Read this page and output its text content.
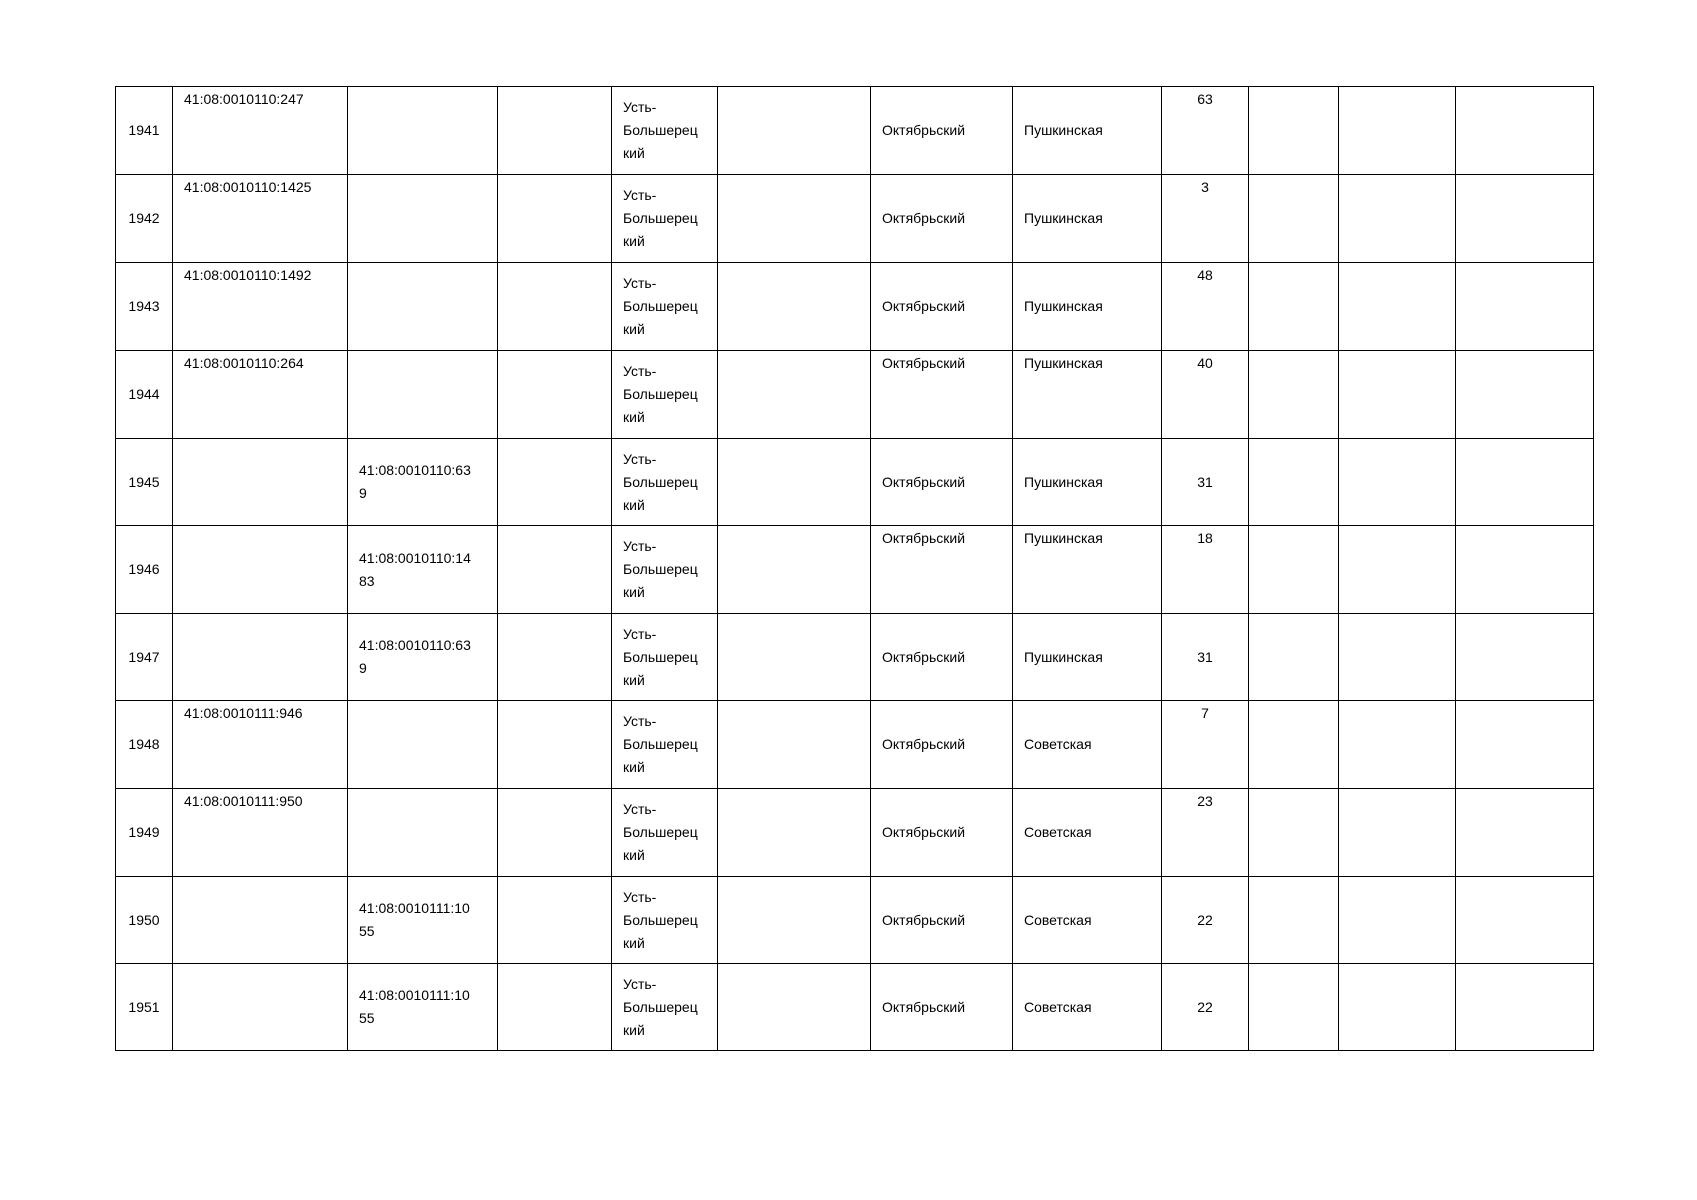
1941	41:08:0010110:247			Усть-
Большерец
кий		Октябрьский	Пушкинская	63			

1942	41:08:0010110:1425			Усть-
Большерец
кий		Октябрьский	Пушкинская	3			

1943	41:08:0010110:1492			Усть-
Большерец
кий		Октябрьский	Пушкинская	48			

1944	41:08:0010110:264			Усть-
Большерец
кий		Октябрьский	Пушкинская	40			

1945		41:08:0010110:63
9		Усть-
Большерец
кий		Октябрьский	Пушкинская	31			

1946		41:08:0010110:14
83		Усть-
Большерец
кий		Октябрьский	Пушкинская	18			

1947		41:08:0010110:63
9		Усть-
Большерец
кий		Октябрьский	Пушкинская	31			

1948	41:08:0010111:946			Усть-
Большерец
кий		Октябрьский	Советская	7			

1949	41:08:0010111:950			Усть-
Большерец
кий		Октябрьский	Советская	23			

1950		41:08:0010111:10
55		Усть-
Большерец
кий		Октябрьский	Советская	22			

1951		41:08:0010111:10
55		Усть-
Большерец
кий		Октябрьский	Советская	22			
